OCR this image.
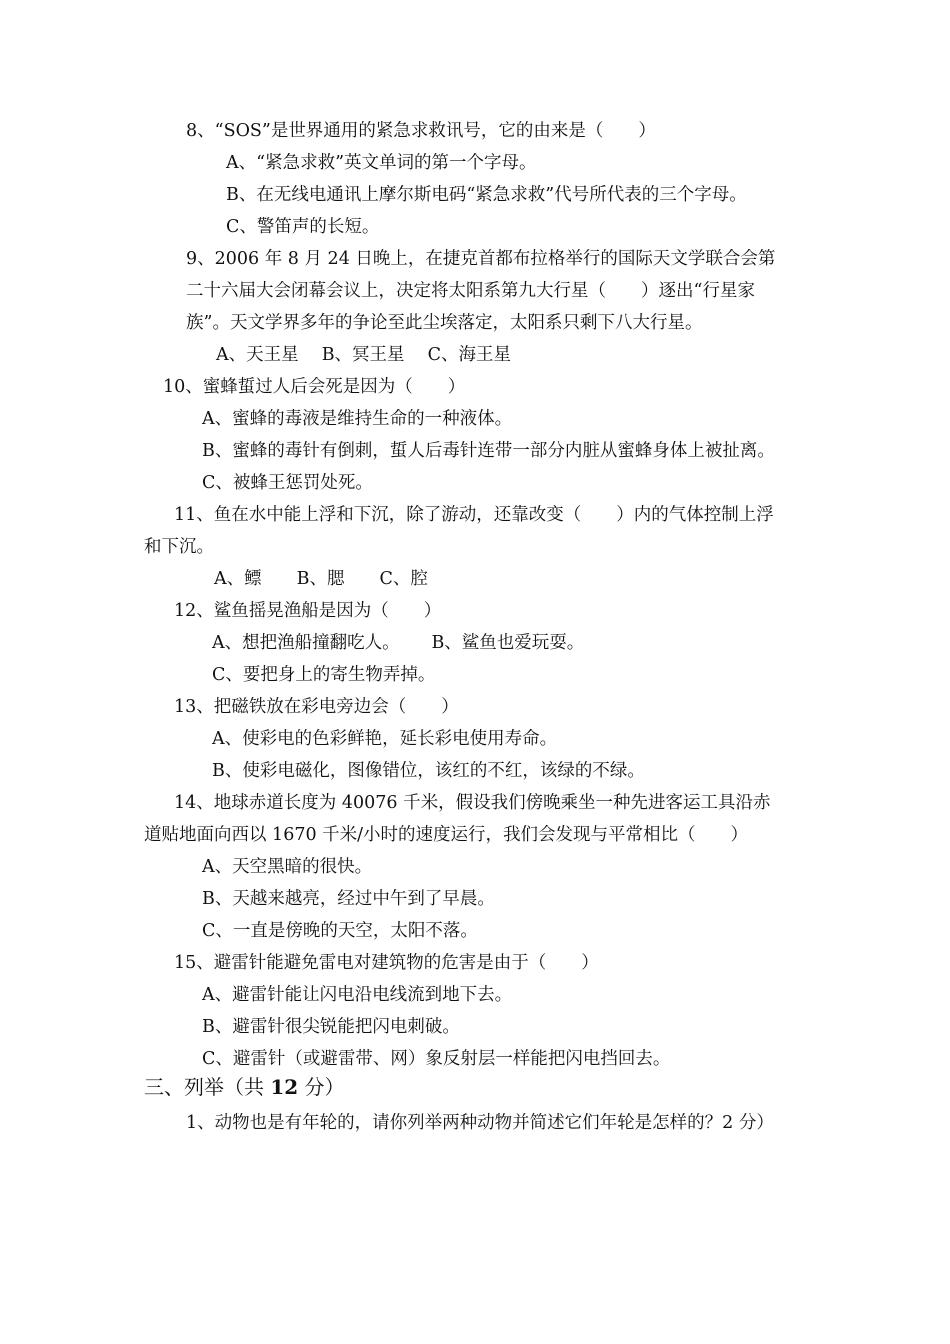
8、“SOS”是世界通用的紧急求救讯号，它的由来是（　　）
A、“紧急求救”英文单词的第一个字母。
B、在无线电通讯上摩尔斯电码“紧急求救”代号所代表的三个字母。
C、警笛声的长短。
9、2006 年 8 月 24 日晚上，在捷克首都布拉格举行的国际天文学联合会第
二十六届大会闭幕会议上，决定将太阳系第九大行星（　　）逐出“行星家
族”。天文学界多年的争论至此尘埃落定，太阳系只剩下八大行星。
A、天王星　 B、冥王星　 C、海王星
10、蜜蜂蜇过人后会死是因为（　　）
A、蜜蜂的毒液是维持生命的一种液体。
B、蜜蜂的毒针有倒刺，蜇人后毒针连带一部分内脏从蜜蜂身体上被扯离。
C、被蜂王惩罚处死。
11、鱼在水中能上浮和下沉，除了游动，还靠改变（　　）内的气体控制上浮
和下沉。
A、鳔　　B、腮　　C、腔
12、鲨鱼摇晃渔船是因为（　　）
A、想把渔船撞翻吃人。　　 B、鲨鱼也爱玩耍。
C、要把身上的寄生物弄掉。
13、把磁铁放在彩电旁边会（　　）
A、使彩电的色彩鲜艳，延长彩电使用寿命。
B、使彩电磁化，图像错位，该红的不红，该绿的不绿。
14、地球赤道长度为 40076 千米，假设我们傍晚乘坐一种先进客运工具沿赤
道贴地面向西以 1670 千米/小时的速度运行，我们会发现与平常相比（　　）
A、天空黑暗的很快。
B、天越来越亮，经过中午到了早晨。
C、一直是傍晚的天空，太阳不落。
15、避雷针能避免雷电对建筑物的危害是由于（　　）
A、避雷针能让闪电沿电线流到地下去。
B、避雷针很尖锐能把闪电刺破。
C、避雷针（或避雷带、网）象反射层一样能把闪电挡回去。
三、列举（共 12 分）
1、动物也是有年轮的，请你列举两种动物并简述它们年轮是怎样的？2 分）
